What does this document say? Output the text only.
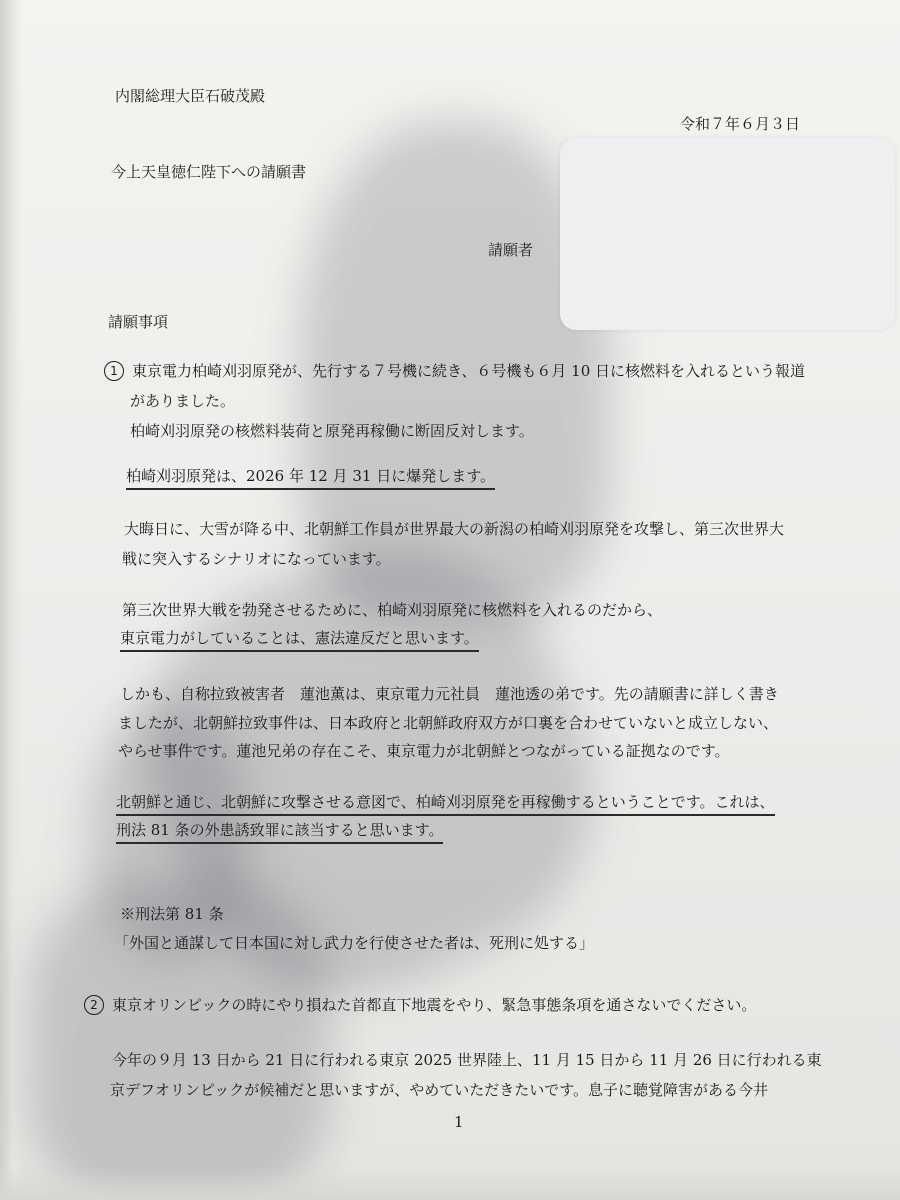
内閣総理大臣石破茂殿

令和７年６月３日

今上天皇徳仁陛下への請願書

請願者

請願事項

1 東京電力柏崎刈羽原発が、先行する７号機に続き、６号機も６月 10 日に核燃料を入れるという報道

がありました。

柏崎刈羽原発の核燃料装荷と原発再稼働に断固反対します。

柏崎刈羽原発は、2026 年 12 月 31 日に爆発します。

大晦日に、大雪が降る中、北朝鮮工作員が世界最大の新潟の柏崎刈羽原発を攻撃し、第三次世界大

戦に突入するシナリオになっています。

第三次世界大戦を勃発させるために、柏崎刈羽原発に核燃料を入れるのだから、

東京電力がしていることは、憲法違反だと思います。

しかも、自称拉致被害者　蓮池薫は、東京電力元社員　蓮池透の弟です。先の請願書に詳しく書き

ましたが、北朝鮮拉致事件は、日本政府と北朝鮮政府双方が口裏を合わせていないと成立しない、

やらせ事件です。蓮池兄弟の存在こそ、東京電力が北朝鮮とつながっている証拠なのです。

北朝鮮と通じ、北朝鮮に攻撃させる意図で、柏崎刈羽原発を再稼働するということです。これは、

刑法 81 条の外患誘致罪に該当すると思います。

※刑法第 81 条

「外国と通謀して日本国に対し武力を行使させた者は、死刑に処する」

2 東京オリンピックの時にやり損ねた首都直下地震をやり、緊急事態条項を通さないでください。

今年の９月 13 日から 21 日に行われる東京 2025 世界陸上、11 月 15 日から 11 月 26 日に行われる東

京デフオリンピックが候補だと思いますが、やめていただきたいです。息子に聴覚障害がある今井

1
